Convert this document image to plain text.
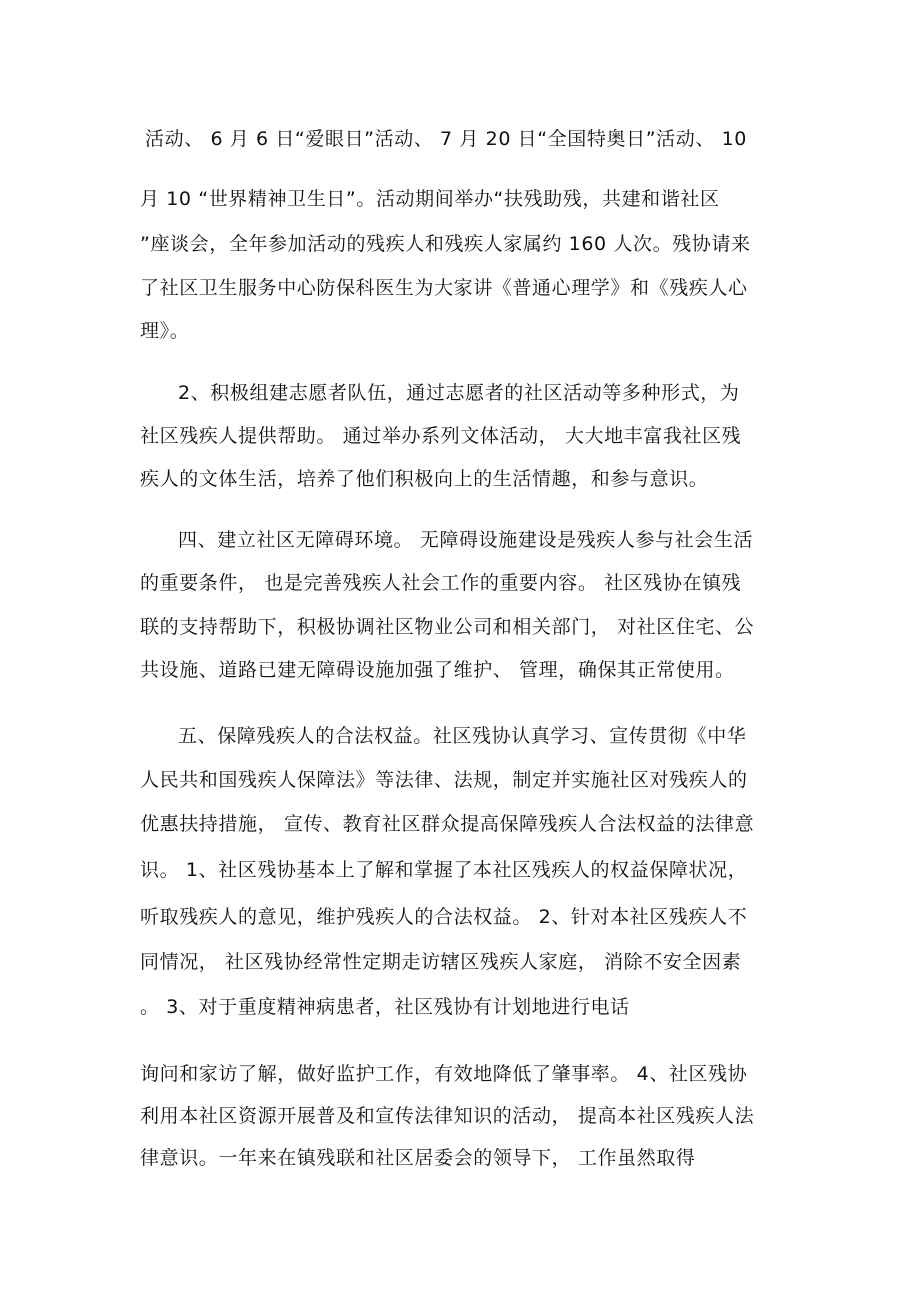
活动、 6 月 6 日“爱眼日”活动、 7 月 20 日“全国特奥日”活动、 10
月 10 “世界精神卫生日”。活动期间举办“扶残助残，共建和谐社区
”座谈会，全年参加活动的残疾人和残疾人家属约 160 人次。残协请来
了社区卫生服务中心防保科医生为大家讲《普通心理学》和《残疾人心
理》。
2、积极组建志愿者队伍，通过志愿者的社区活动等多种形式，为
社区残疾人提供帮助。 通过举办系列文体活动， 大大地丰富我社区残
疾人的文体生活，培养了他们积极向上的生活情趣，和参与意识。
四、建立社区无障碍环境。 无障碍设施建设是残疾人参与社会生活
的重要条件， 也是完善残疾人社会工作的重要内容。 社区残协在镇残
联的支持帮助下，积极协调社区物业公司和相关部门， 对社区住宅、公
共设施、道路已建无障碍设施加强了维护、 管理，确保其正常使用。
五、保障残疾人的合法权益。社区残协认真学习、宣传贯彻《中华
人民共和国残疾人保障法》等法律、法规，制定并实施社区对残疾人的
优惠扶持措施， 宣传、教育社区群众提高保障残疾人合法权益的法律意
识。 1、社区残协基本上了解和掌握了本社区残疾人的权益保障状况，
听取残疾人的意见，维护残疾人的合法权益。 2、针对本社区残疾人不
同情况， 社区残协经常性定期走访辖区残疾人家庭， 消除不安全因素
。 3、对于重度精神病患者，社区残协有计划地进行电话
询问和家访了解，做好监护工作，有效地降低了肇事率。 4、社区残协
利用本社区资源开展普及和宣传法律知识的活动， 提高本社区残疾人法
律意识。一年来在镇残联和社区居委会的领导下， 工作虽然取得
